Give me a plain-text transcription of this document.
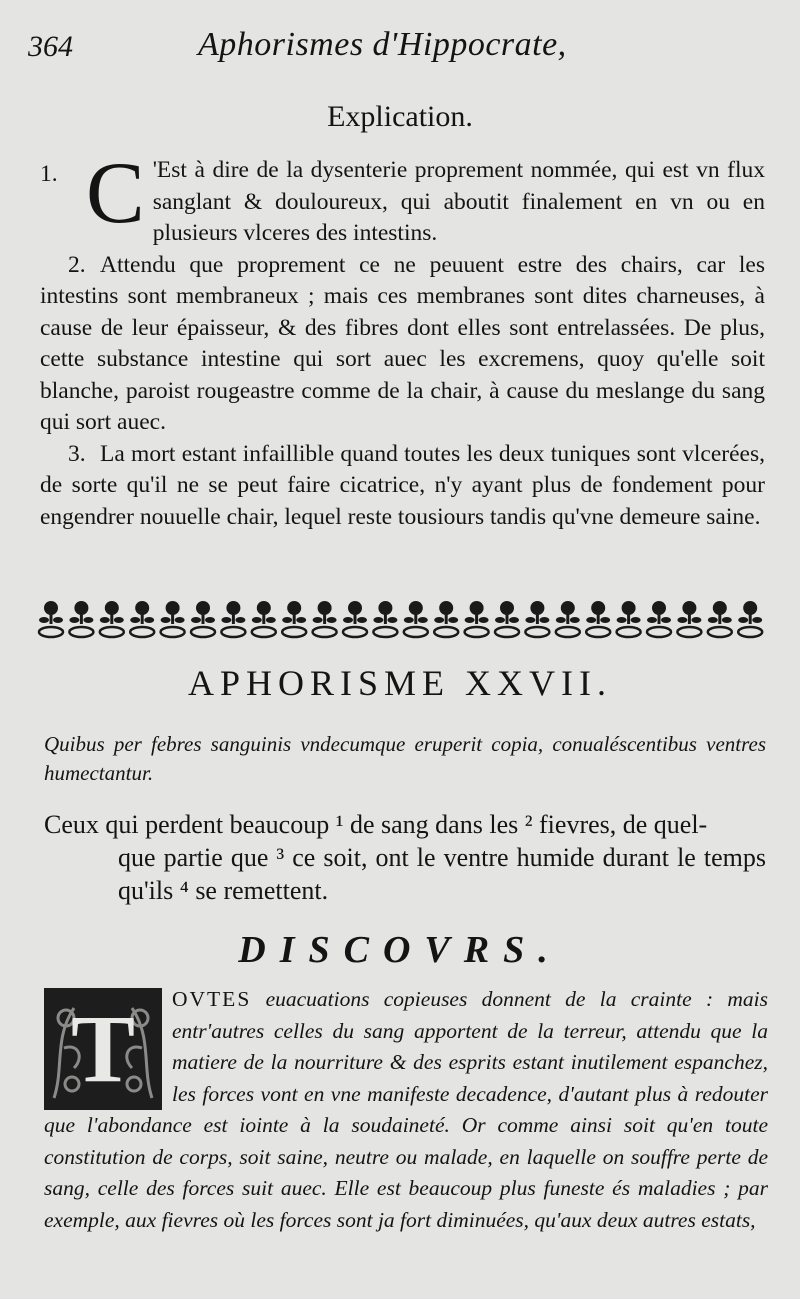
364	Aphorismes d'Hippocrate,
Explication.

1. C 'Est à dire de la dysenterie proprement nommée, qui est vn flux sanglant & douloureux, qui aboutit finalement en vn ou en plusieurs vlceres des intestins.

2. Attendu que proprement ce ne peuuent estre des chairs, car les intestins sont membraneux ; mais ces membranes sont dites charneuses, à cause de leur épaisseur, & des fibres dont elles sont entrelassées. De plus, cette substance intestine qui sort auec les excremens, quoy qu'elle soit blanche, paroist rougeastre comme de la chair, à cause du meslange du sang qui sort auec.

3. La mort estant infaillible quand toutes les deux tuniques sont vlcerées, de sorte qu'il ne se peut faire cicatrice, n'y ayant plus de fondement pour engendrer nouuelle chair, lequel reste tousiours tandis qu'vne demeure saine.

APHORISME XXVII.

Quibus per febres sanguinis vndecumque eruperit copia, conualéscentibus ventres humectantur.

Ceux qui perdent beaucoup ¹ de sang dans les ² fievres, de quel-
que partie que ³ ce soit, ont le ventre humide durant le temps qu'ils ⁴ se remettent.

DISCOVRS.

T	OVTES euacuations copieuses donnent de la crainte : mais entr'autres celles du sang apportent de la terreur, attendu que la matiere de la nourriture & des esprits estant inutilement espanchez, les forces vont en vne manifeste decadence, d'autant plus à redouter que l'abondance est iointe à la soudaineté. Or comme ainsi soit qu'en toute constitution de corps, soit saine, neutre ou malade, en laquelle on souffre perte de sang, celle des forces suit auec. Elle est beaucoup plus funeste és maladies ; par exemple, aux fievres où les forces sont ja fort diminuées, qu'aux deux autres estats,
